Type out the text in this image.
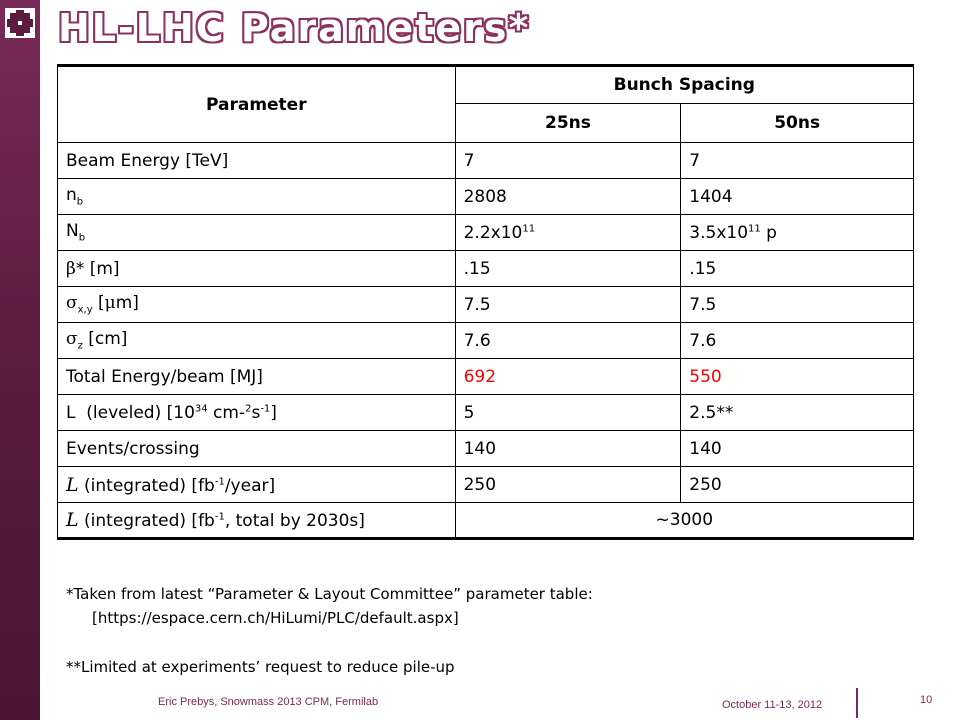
HL-LHC Parameters*
Parameter	Bunch Spacing	
	25ns	50ns
Beam Energy [TeV]	7	7
$n_b$	2808	1404
$N_b$	$2.2x10^{11}$	$3.5x10^{11}$ p
β* [m]	.15	.15
$\sigma_{x,y}$ [μm]	7.5	7.5
$\sigma_z$ [cm]	7.6	7.6
Total Energy/beam [MJ]	692	550
L  (leveled) [$10^{34}$ $cm-^2s^{-1}$]	5	2.5**
Events/crossing	140	140
L (integrated) $[fb^{-1}/year]$	250	250
L (integrated) [$fb^{-1}$, total by 2030s]	~3000	
*Taken from latest “Parameter & Layout Committee” parameter table:
[https://espace.cern.ch/HiLumi/PLC/default.aspx]
**Limited at experiments’ request to reduce pile-up
Eric Prebys, Snowmass 2013 CPM, Fermilab	October 11-13, 2012	10
